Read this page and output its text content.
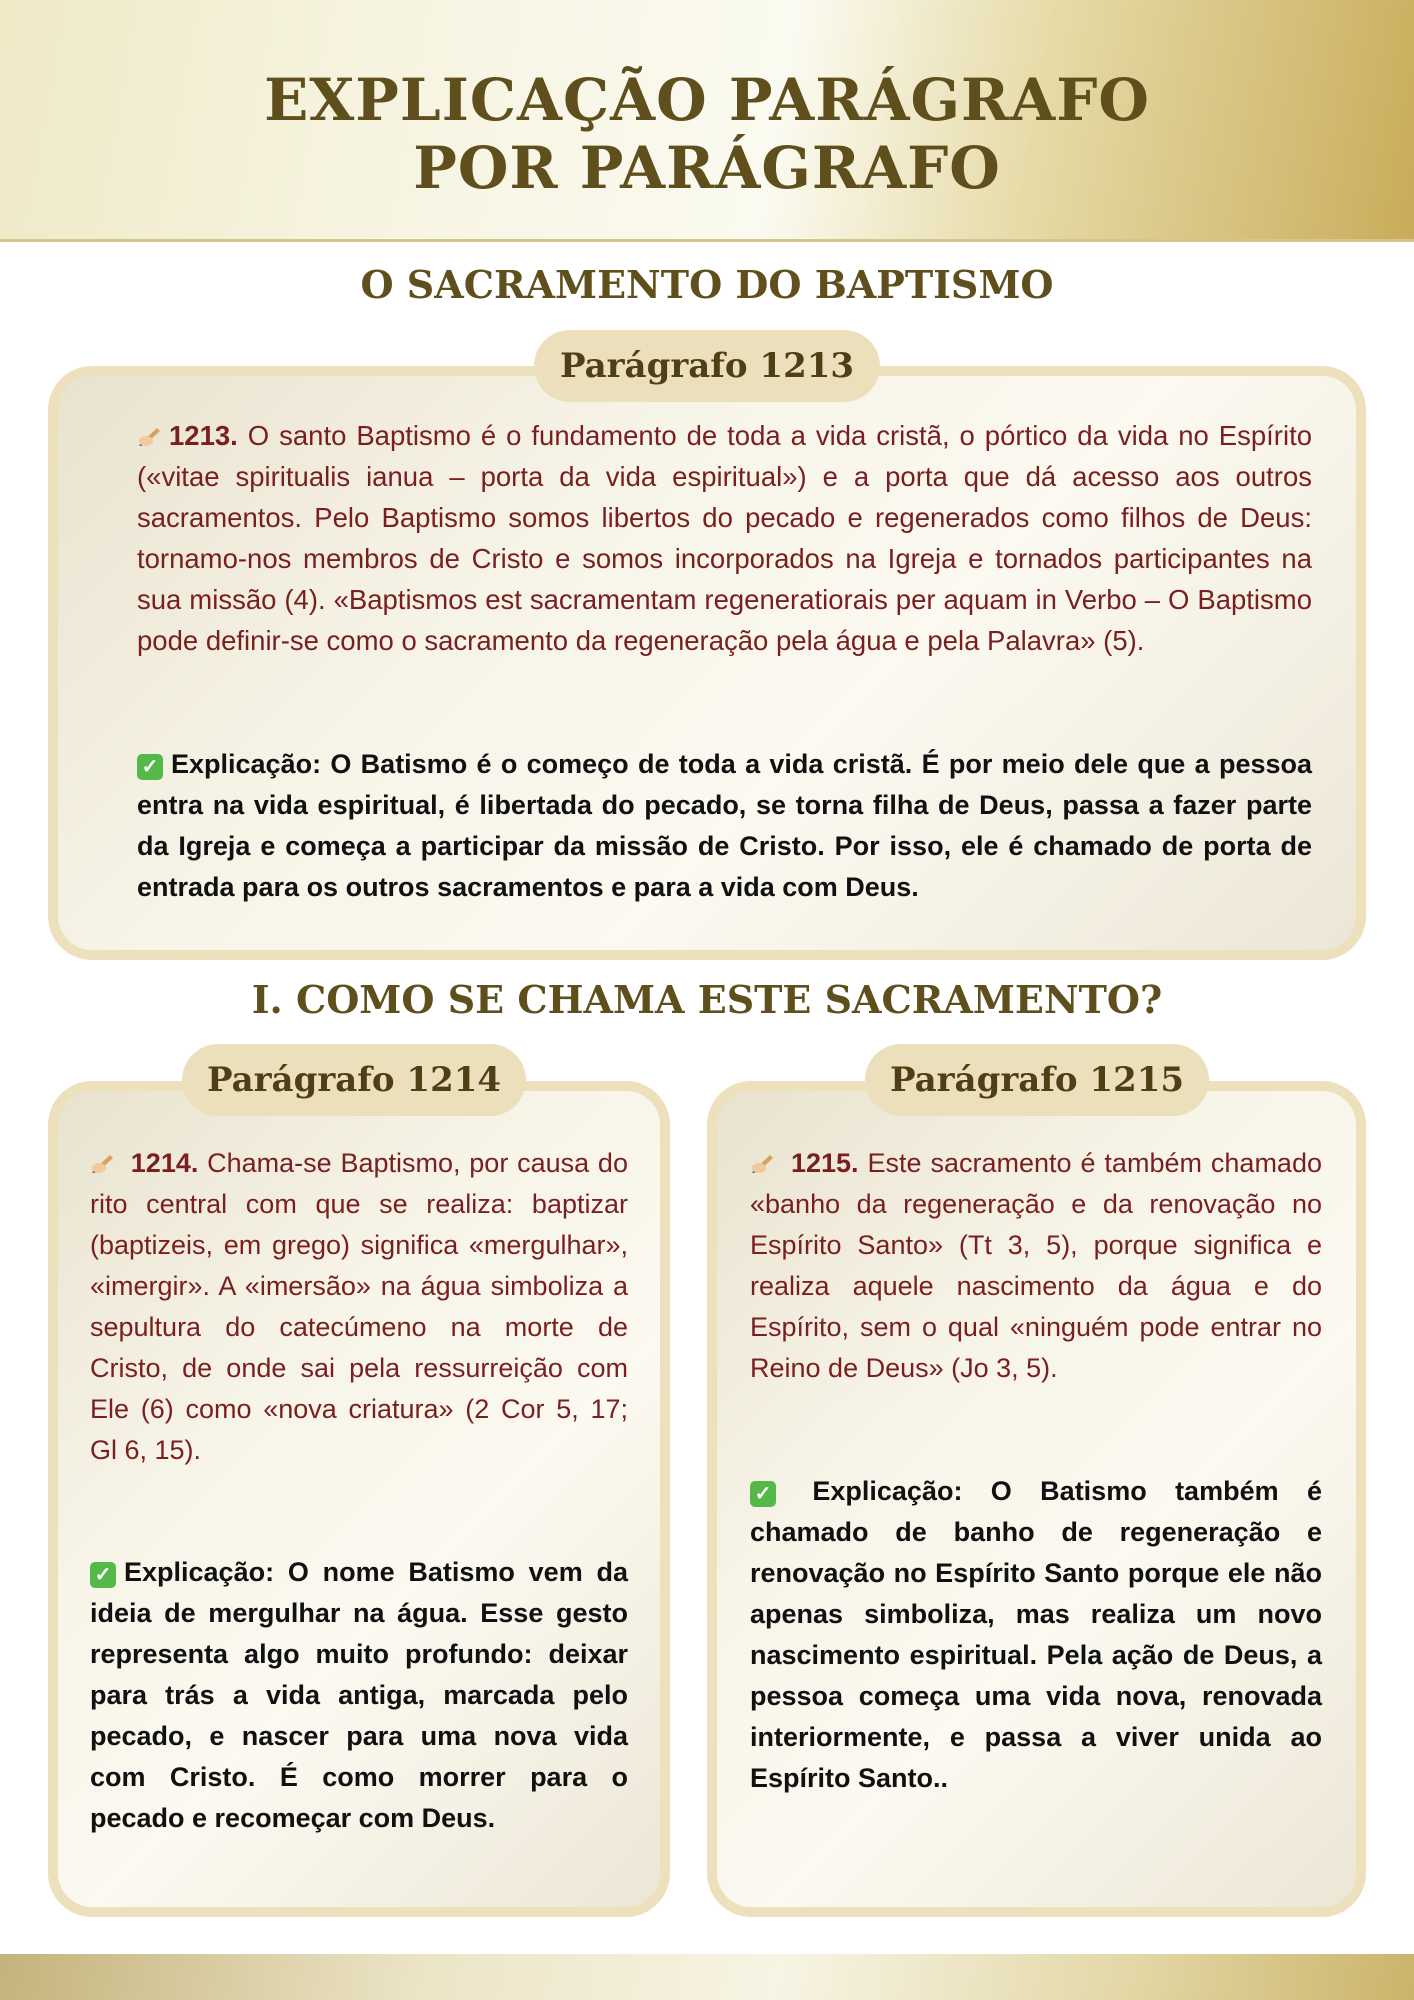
EXPLICAÇÃO PARÁGRAFO
POR PARÁGRAFO
O SACRAMENTO DO BAPTISMO
Parágrafo 1213

1213. O santo Baptismo é o fundamento de toda a vida cristã, o pórtico da vida no Espírito («vitae spiritualis ianua – porta da vida espiritual») e a porta que dá acesso aos outros sacramentos. Pelo Baptismo somos libertos do pecado e regenerados como filhos de Deus: tornamo-nos membros de Cristo e somos incorporados na Igreja e tornados participantes na sua missão (4). «Baptismos est sacramentam regeneratiorais per aquam in Verbo – O Baptismo pode definir-se como o sacramento da regeneração pela água e pela Palavra» (5).

✓ Explicação: O Batismo é o começo de toda a vida cristã. É por meio dele que a pessoa entra na vida espiritual, é libertada do pecado, se torna filha de Deus, passa a fazer parte da Igreja e começa a participar da missão de Cristo. Por isso, ele é chamado de porta de entrada para os outros sacramentos e para a vida com Deus.

I. COMO SE CHAMA ESTE SACRAMENTO?
Parágrafo 1214

1214. Chama-se Baptismo, por causa do rito central com que se realiza: baptizar (baptizeis, em grego) significa «mergulhar», «imergir». A «imersão» na água simboliza a sepultura do catecúmeno na morte de Cristo, de onde sai pela ressurreição com Ele (6) como «nova criatura» (2 Cor 5, 17; Gl 6, 15).

✓ Explicação: O nome Batismo vem da ideia de mergulhar na água. Esse gesto representa algo muito profundo: deixar para trás a vida antiga, marcada pelo pecado, e nascer para uma nova vida com Cristo. É como morrer para o pecado e recomeçar com Deus.

Parágrafo 1215

1215. Este sacramento é também chamado «banho da regeneração e da renovação no Espírito Santo» (Tt 3, 5), porque significa e realiza aquele nascimento da água e do Espírito, sem o qual «ninguém pode entrar no Reino de Deus» (Jo 3, 5).

✓ Explicação: O Batismo também é chamado de banho de regeneração e renovação no Espírito Santo porque ele não apenas simboliza, mas realiza um novo nascimento espiritual. Pela ação de Deus, a pessoa começa uma vida nova, renovada interiormente, e passa a viver unida ao Espírito Santo..
